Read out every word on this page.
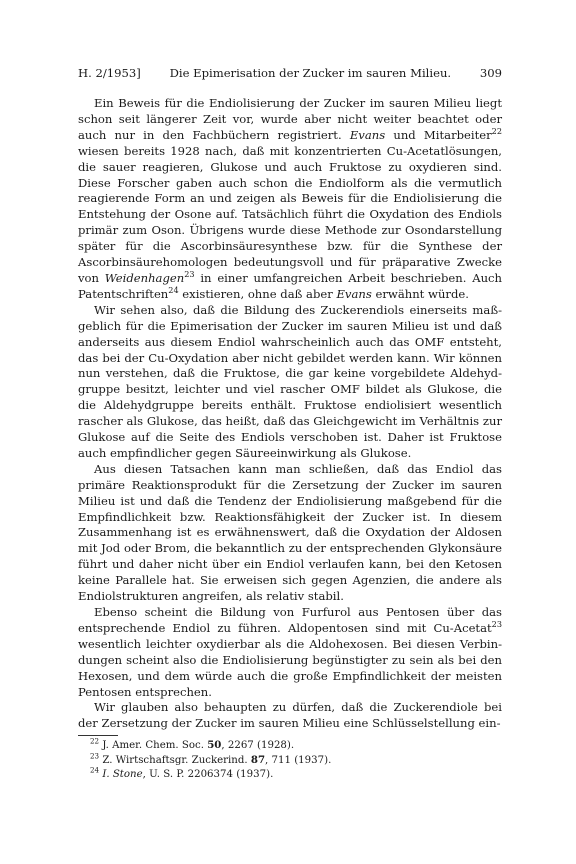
H. 2/1953]	Die Epimerisation der Zucker im sauren Milieu.	309

Ein Beweis für die Endiolisierung der Zucker im sauren Milieu liegt schon seit längerer Zeit vor, wurde aber nicht weiter beachtet oder auch nur in den Fachbüchern registriert. Evans und Mitarbeiter$^{22}$ wiesen bereits 1928 nach, daß mit konzentrierten Cu-Acetatlösungen, die sauer reagieren, Glukose und auch Fruktose zu oxydieren sind. Diese Forscher gaben auch schon die Endiolform als die vermutlich reagierende Form an und zeigen als Beweis für die Endiolisierung die Entstehung der Osone auf. Tatsächlich führt die Oxydation des Endiols primär zum Oson. Übrigens wurde diese Methode zur Osondarstellung später für die Ascorbinsäuresynthese bzw. für die Synthese der Ascorbinsäurehomologen bedeutungsvoll und für präparative Zwecke von Weidenhagen$^{23}$ in einer umfangreichen Arbeit beschrieben. Auch Patentschriften$^{24}$ existieren, ohne daß aber Evans erwähnt würde.

Wir sehen also, daß die Bildung des Zuckerendiols einerseits maßgeblich für die Epimerisation der Zucker im sauren Milieu ist und daß anderseits aus diesem Endiol wahrscheinlich auch das OMF entsteht, das bei der Cu-Oxydation aber nicht gebildet werden kann. Wir können nun verstehen, daß die Fruktose, die gar keine vorgebildete Aldehydgruppe besitzt, leichter und viel rascher OMF bildet als Glukose, die die Aldehydgruppe bereits enthält. Fruktose endiolisiert wesentlich rascher als Glukose, das heißt, daß das Gleichgewicht im Verhältnis zur Glukose auf die Seite des Endiols verschoben ist. Daher ist Fruktose auch empfindlicher gegen Säureeinwirkung als Glukose.

Aus diesen Tatsachen kann man schließen, daß das Endiol das primäre Reaktionsprodukt für die Zersetzung der Zucker im sauren Milieu ist und daß die Tendenz der Endiolisierung maßgebend für die Empfindlichkeit bzw. Reaktionsfähigkeit der Zucker ist. In diesem Zusammenhang ist es erwähnenswert, daß die Oxydation der Aldosen mit Jod oder Brom, die bekanntlich zu der entsprechenden Glykonsäure führt und daher nicht über ein Endiol verlaufen kann, bei den Ketosen keine Parallele hat. Sie erweisen sich gegen Agenzien, die andere als Endiolstrukturen angreifen, als relativ stabil.

Ebenso scheint die Bildung von Furfurol aus Pentosen über das entsprechende Endiol zu führen. Aldopentosen sind mit Cu-Acetat$^{23}$ wesentlich leichter oxydierbar als die Aldohexosen. Bei diesen Verbindungen scheint also die Endiolisierung begünstigter zu sein als bei den Hexosen, und dem würde auch die große Empfindlichkeit der meisten Pentosen entsprechen.

Wir glauben also behaupten zu dürfen, daß die Zuckerendiole bei der Zersetzung der Zucker im sauren Milieu eine Schlüsselstellung ein-

$^{22}$ J. Amer. Chem. Soc. 50, 2267 (1928).
$^{23}$ Z. Wirtschaftsgr. Zuckerind. 87, 711 (1937).
$^{24}$ I. Stone, U. S. P. 2206374 (1937).
